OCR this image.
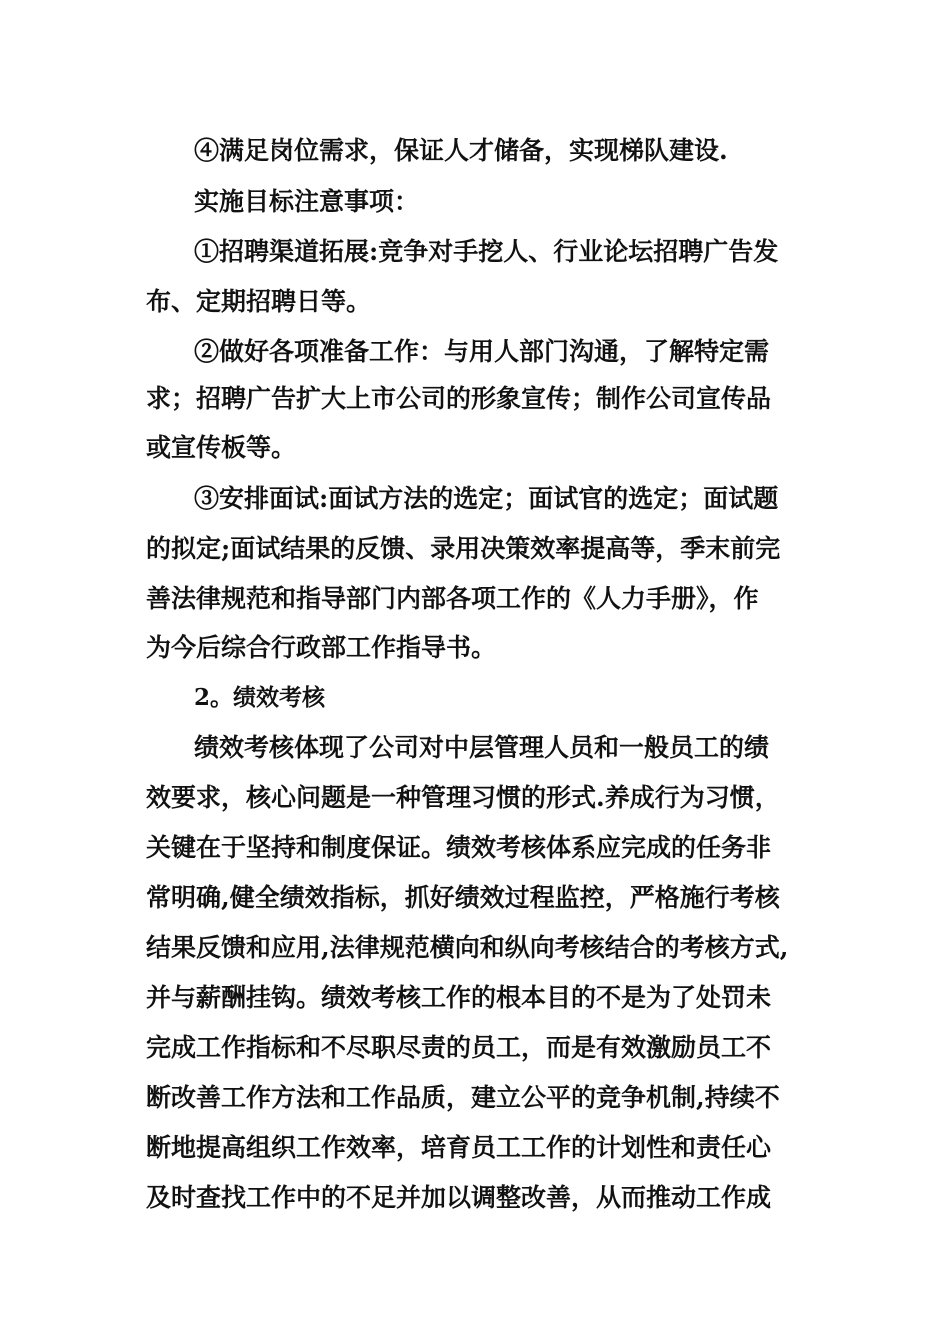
④满足岗位需求，保证人才储备，实现梯队建设.
实施目标注意事项：
①招聘渠道拓展:竞争对手挖人、行业论坛招聘广告发
布、定期招聘日等。
②做好各项准备工作：与用人部门沟通，了解特定需
求；招聘广告扩大上市公司的形象宣传；制作公司宣传品
或宣传板等。
③安排面试:面试方法的选定；面试官的选定；面试题
的拟定;面试结果的反馈、录用决策效率提高等，季末前完
善法律规范和指导部门内部各项工作的《人力手册》，作
为今后综合行政部工作指导书。
2。绩效考核
绩效考核体现了公司对中层管理人员和一般员工的绩
效要求，核心问题是一种管理习惯的形式.养成行为习惯，
关键在于坚持和制度保证。绩效考核体系应完成的任务非
常明确,健全绩效指标，抓好绩效过程监控，严格施行考核
结果反馈和应用,法律规范横向和纵向考核结合的考核方式,
并与薪酬挂钩。绩效考核工作的根本目的不是为了处罚未
完成工作指标和不尽职尽责的员工，而是有效激励员工不
断改善工作方法和工作品质，建立公平的竞争机制,持续不
断地提高组织工作效率，培育员工工作的计划性和责任心
及时查找工作中的不足并加以调整改善，从而推动工作成
